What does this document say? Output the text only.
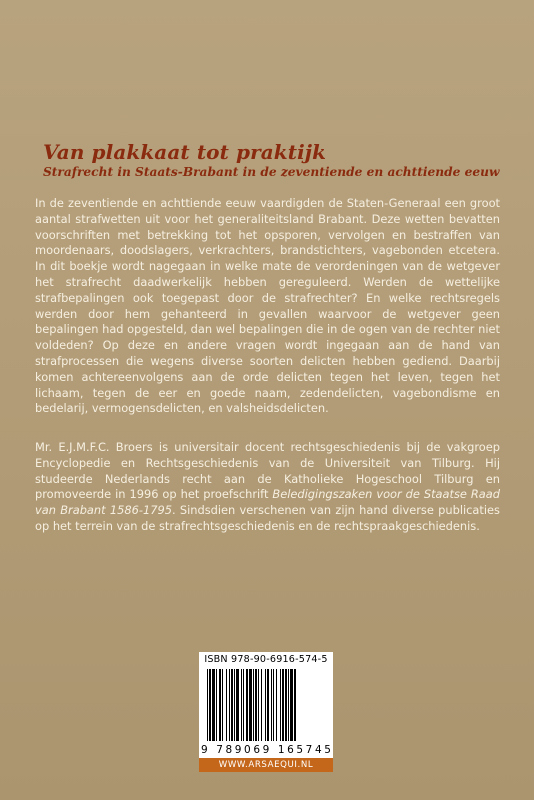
Van plakkaat tot praktijk
Strafrecht in Staats-Brabant in de zeventiende en achttiende eeuw

In de zeventiende en achttiende eeuw vaardigden de Staten-Generaal een groot aantal strafwetten uit voor het generaliteitsland Brabant. Deze wetten bevatten voorschriften met betrekking tot het opsporen, vervolgen en bestraffen van moordenaars, doodslagers, verkrachters, brandstichters, vagebonden etcetera. In dit boekje wordt nagegaan in welke mate de verordeningen van de wetgever het strafrecht daadwerkelijk hebben gereguleerd. Werden de wettelijke strafbepalingen ook toegepast door de strafrechter? En welke rechtsregels werden door hem gehanteerd in gevallen waarvoor de wetgever geen bepalingen had opgesteld, dan wel bepalingen die in de ogen van de rechter niet voldeden? Op deze en andere vragen wordt ingegaan aan de hand van strafprocessen die wegens diverse soorten delicten hebben gediend. Daarbij komen achtereenvolgens aan de orde delicten tegen het leven, tegen het lichaam, tegen de eer en goede naam, zedendelicten, vagebondisme en bedelarij, vermogensdelicten, en valsheidsdelicten.

Mr. E.J.M.F.C. Broers is universitair docent rechtsgeschiedenis bij de vakgroep Encyclopedie en Rechtsgeschiedenis van de Universiteit van Tilburg. Hij studeerde Nederlands recht aan de Katholieke Hogeschool Tilburg en promoveerde in 1996 op het proefschrift Beledigingszaken voor de Staatse Raad van Brabant 1586-1795. Sindsdien verschenen van zijn hand diverse publicaties op het terrein van de strafrechtsgeschiedenis en de rechtspraakgeschiedenis.

ISBN 978-90-6916-574-5
9 789069 165745
WWW.ARSAEQUI.NL
